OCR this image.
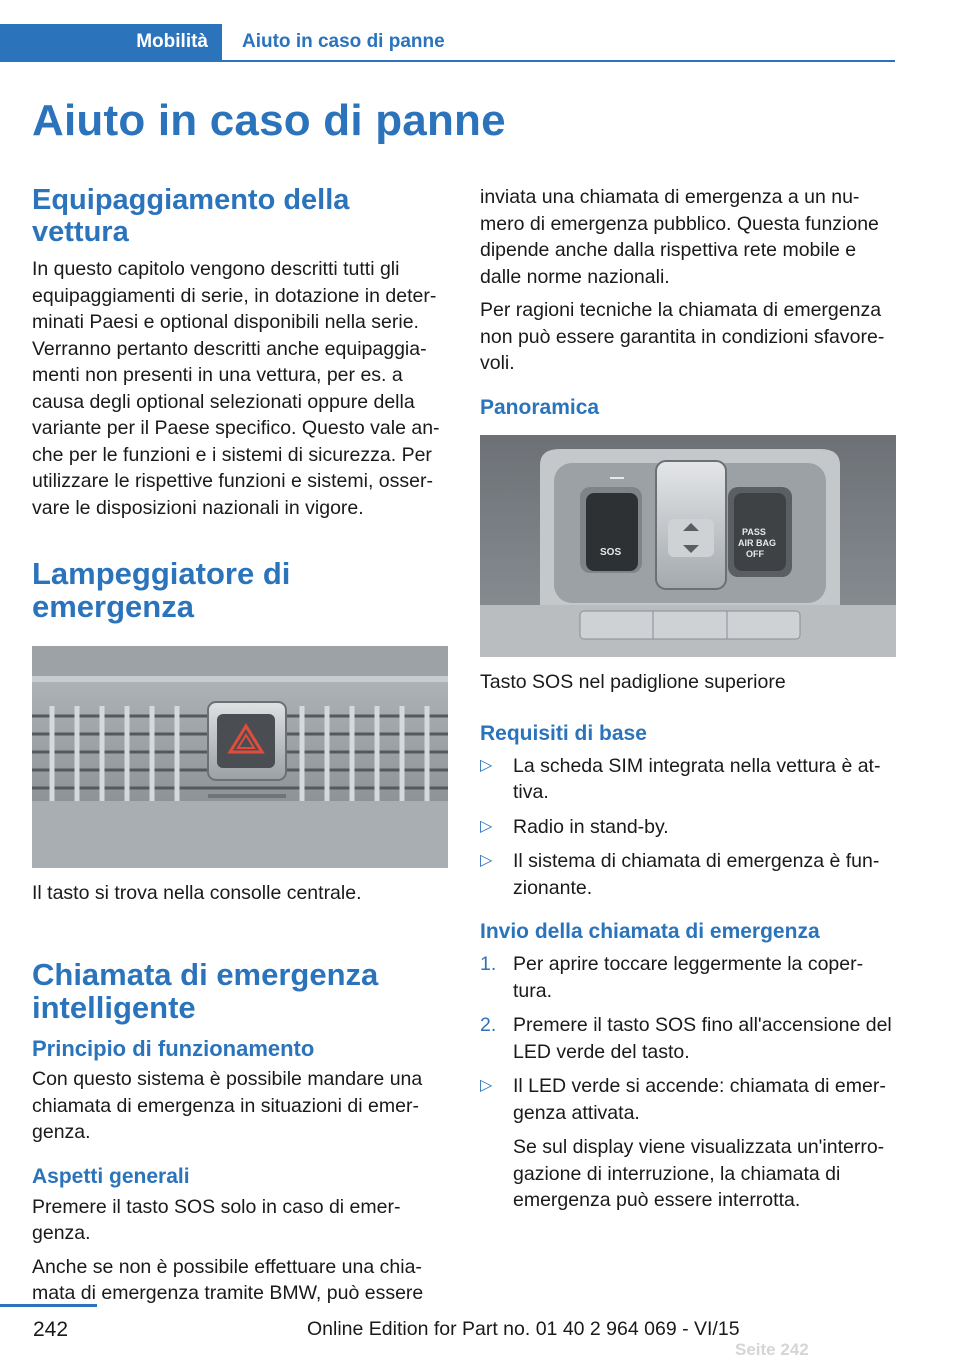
Mobilità Aiuto in caso di panne
Aiuto in caso di panne
Equipaggiamento della vettura

In questo capitolo vengono descritti tutti gli equipaggiamenti di serie, in dotazione in deter-minati Paesi e optional disponibili nella serie. Verranno pertanto descritti anche equipaggia-menti non presenti in una vettura, per es. a causa degli optional selezionati oppure della variante per il Paese specifico. Questo vale an-che per le funzioni e i sistemi di sicurezza. Per utilizzare le rispettive funzioni e sistemi, osser-vare le disposizioni nazionali in vigore.

Lampeggiatore di emergenza

Il tasto si trova nella consolle centrale.

Chiamata di emergenza intelligente
Principio di funzionamento

Con questo sistema è possibile mandare una chiamata di emergenza in situazioni di emer-genza.

Aspetti generali

Premere il tasto SOS solo in caso di emer-genza.

Anche se non è possibile effettuare una chia-mata di emergenza tramite BMW, può essere

inviata una chiamata di emergenza a un nu-mero di emergenza pubblico. Questa funzione dipende anche dalla rispettiva rete mobile e dalle norme nazionali.

Per ragioni tecniche la chiamata di emergenza non può essere garantita in condizioni sfavore-voli.

Panoramica
SOS
PASS
AIR BAG
OFF

Tasto SOS nel padiglione superiore

Requisiti di base
▷ La scheda SIM integrata nella vettura è at-tiva.
▷ Radio in stand-by.
▷ Il sistema di chiamata di emergenza è fun-zionante.
Invio della chiamata di emergenza
1. Per aprire toccare leggermente la coper-tura.
2. Premere il tasto SOS fino all'accensione del LED verde del tasto.
▷ Il LED verde si accende: chiamata di emer-genza attivata.

Se sul display viene visualizzata un'interro-gazione di interruzione, la chiamata di emergenza può essere interrotta.

242	Online Edition for Part no. 01 40 2 964 069 - VI/15
Seite 242
